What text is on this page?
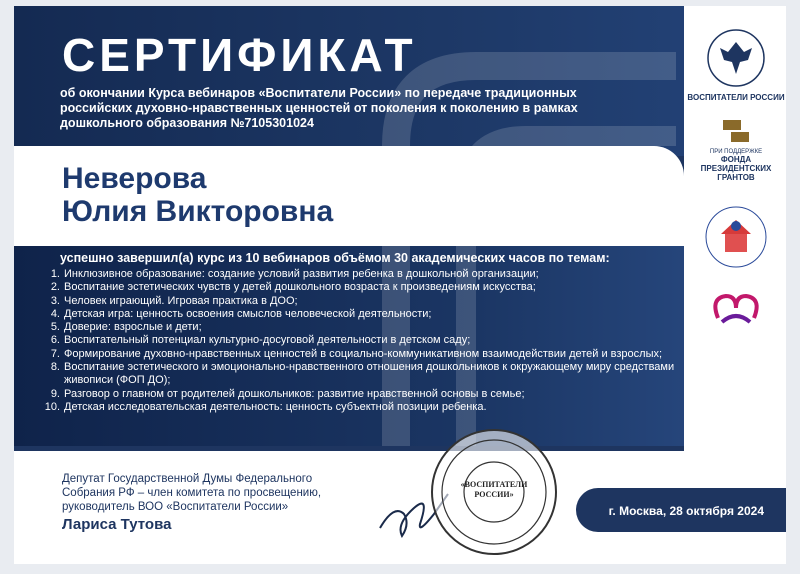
СЕРТИФИКАТ
об окончании Курса вебинаров «Воспитатели России» по передаче традиционных российских духовно-нравственных ценностей от поколения к поколению в рамках дошкольного образования №7105301024
Неверова
Юлия Викторовна
успешно завершил(а) курс из 10 вебинаров объёмом 30 академических часов по темам:
1. Инклюзивное образование: создание условий развития ребенка в дошкольной организации;
2. Воспитание эстетических чувств у детей дошкольного возраста к произведениям искусства;
3. Человек играющий. Игровая практика в ДОО;
4. Детская игра: ценность освоения смыслов человеческой деятельности;
5. Доверие: взрослые и дети;
6. Воспитательный потенциал культурно-досуговой деятельности в детском саду;
7. Формирование духовно-нравственных ценностей в социально-коммуникативном взаимодействии детей и взрослых;
8. Воспитание эстетического и эмоционально-нравственного отношения дошкольников к окружающему миру средствами живописи (ФОП ДО);
9. Разговор о главном от родителей дошкольников: развитие нравственной основы в семье;
10. Детская исследовательская деятельность: ценность субъектной позиции ребенка.
ВОСПИТАТЕЛИ РОССИИ
ПРИ ПОДДЕРЖКЕ
ФОНДА ПРЕЗИДЕНТСКИХ ГРАНТОВ
Депутат Государственной Думы Федерального Собрания РФ – член комитета по просвещению, руководитель ВОО «Воспитатели России»
Лариса Тутова
«ВОСПИТАТЕЛИ РОССИИ»
г. Москва, 28 октября 2024
